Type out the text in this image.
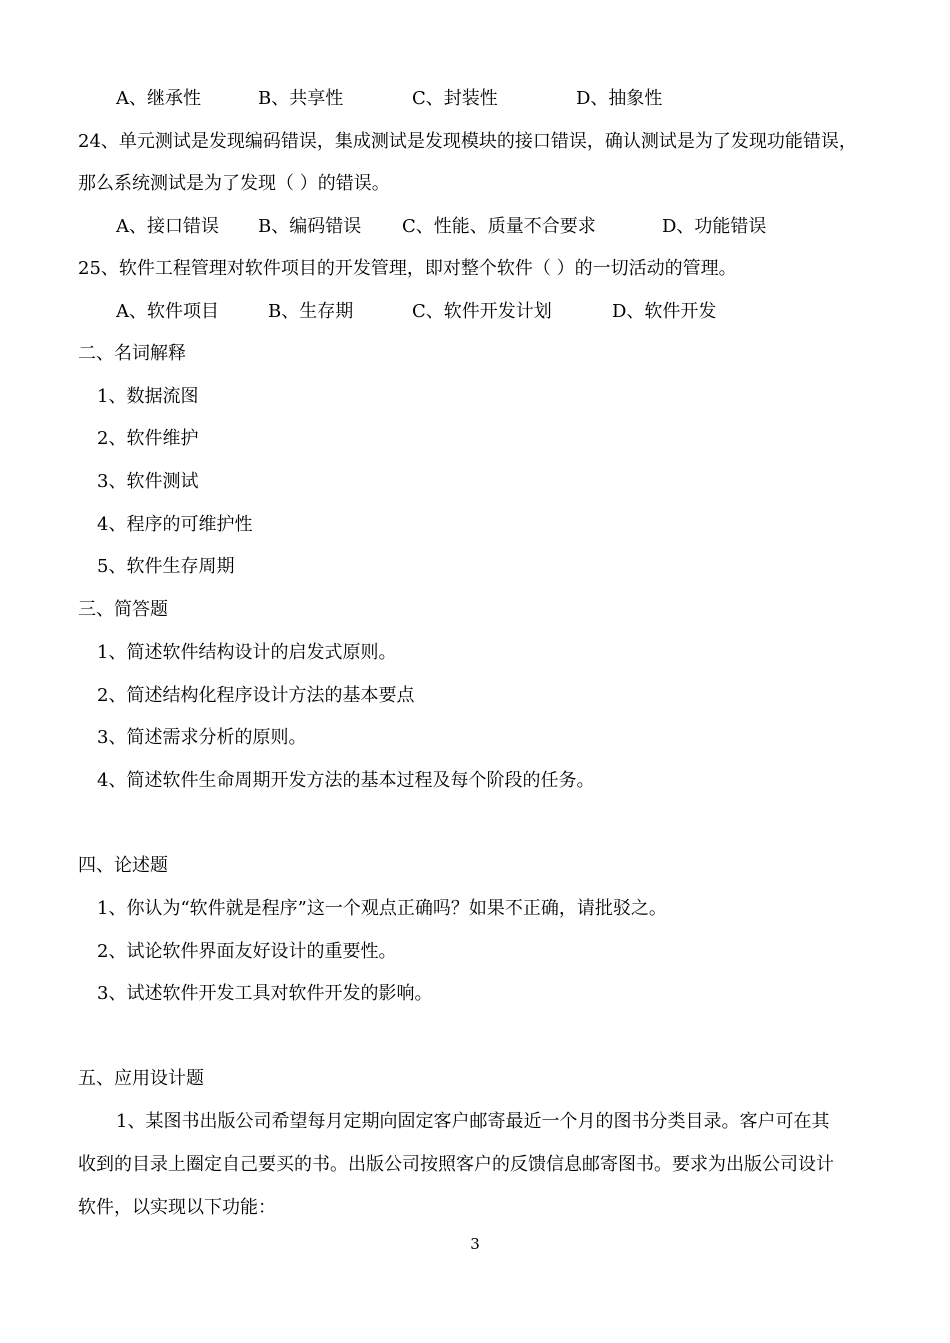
A、继承性	B、共享性	C、封装性	D、抽象性
24、单元测试是发现编码错误，集成测试是发现模块的接口错误，确认测试是为了发现功能错误，
那么系统测试是为了发现（ ）的错误。
A、接口错误 B、编码错误 C、性能、质量不合要求	D、功能错误
25、软件工程管理对软件项目的开发管理，即对整个软件（ ）的一切活动的管理。
A、软件项目	B、生存期	C、软件开发计划	D、软件开发
二、名词解释
1、数据流图
2、软件维护
3、软件测试
4、程序的可维护性
5、软件生存周期
三、简答题
1、简述软件结构设计的启发式原则。
2、简述结构化程序设计方法的基本要点
3、简述需求分析的原则。
4、简述软件生命周期开发方法的基本过程及每个阶段的任务。
四、论述题
1、你认为“软件就是程序”这一个观点正确吗？如果不正确，请批驳之。
2、试论软件界面友好设计的重要性。
3、试述软件开发工具对软件开发的影响。
五、应用设计题
1、某图书出版公司希望每月定期向固定客户邮寄最近一个月的图书分类目录。客户可在其
收到的目录上圈定自己要买的书。出版公司按照客户的反馈信息邮寄图书。要求为出版公司设计
软件，以实现以下功能：
3
